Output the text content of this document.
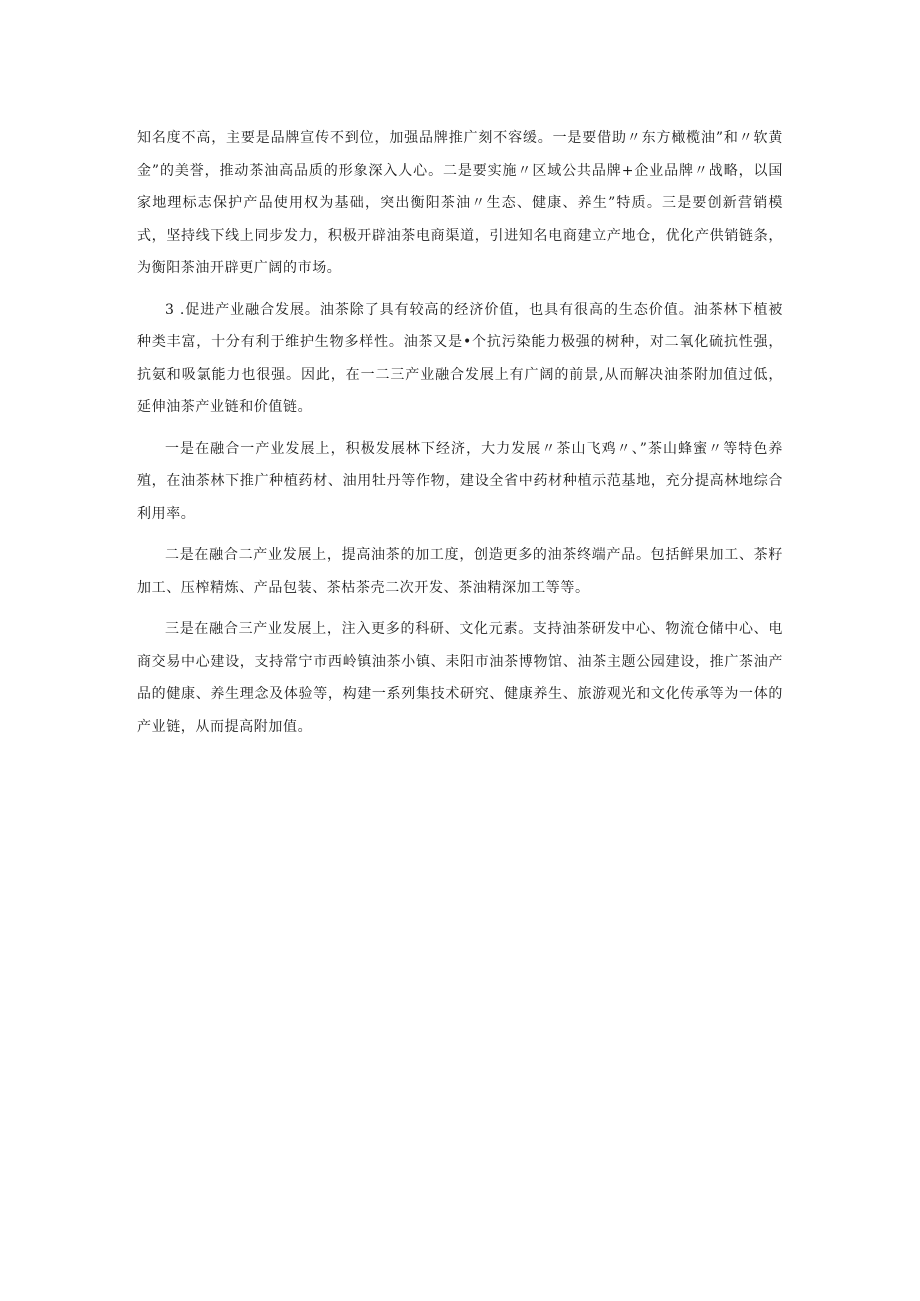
知名度不高，主要是品牌宣传不到位，加强品牌推广刻不容缓。一是要借助〃东方橄榄油”和〃软黄金”的美誉，推动茶油高品质的形象深入人心。二是要实施〃区域公共品牌+企业品牌〃战略，以国家地理标志保护产品使用权为基础，突出衡阳茶油〃生态、健康、养生”特质。三是要创新营销模式，坚持线下线上同步发力，积极开辟油茶电商渠道，引进知名电商建立产地仓，优化产供销链条，为衡阳茶油开辟更广阔的市场。

3 .促进产业融合发展。油茶除了具有较高的经济价值，也具有很高的生态价值。油茶林下植被种类丰富，十分有利于维护生物多样性。油茶又是•个抗污染能力极强的树种，对二氧化硫抗性强，抗氨和吸氯能力也很强。因此，在一二三产业融合发展上有广阔的前景,从而解决油茶附加值过低，延伸油茶产业链和价值链。

一是在融合一产业发展上，积极发展林下经济，大力发展〃茶山飞鸡〃、”茶山蜂蜜〃等特色养殖，在油茶林下推广种植药材、油用牡丹等作物，建设全省中药材种植示范基地，充分提高林地综合利用率。

二是在融合二产业发展上，提高油茶的加工度，创造更多的油茶终端产品。包括鲜果加工、茶籽加工、压榨精炼、产品包装、茶枯茶壳二次开发、茶油精深加工等等。

三是在融合三产业发展上，注入更多的科研、文化元素。支持油茶研发中心、物流仓储中心、电商交易中心建设，支持常宁市西岭镇油茶小镇、耒阳市油茶博物馆、油茶主题公园建设，推广茶油产品的健康、养生理念及体验等，构建一系列集技术研究、健康养生、旅游观光和文化传承等为一体的产业链，从而提高附加值。
